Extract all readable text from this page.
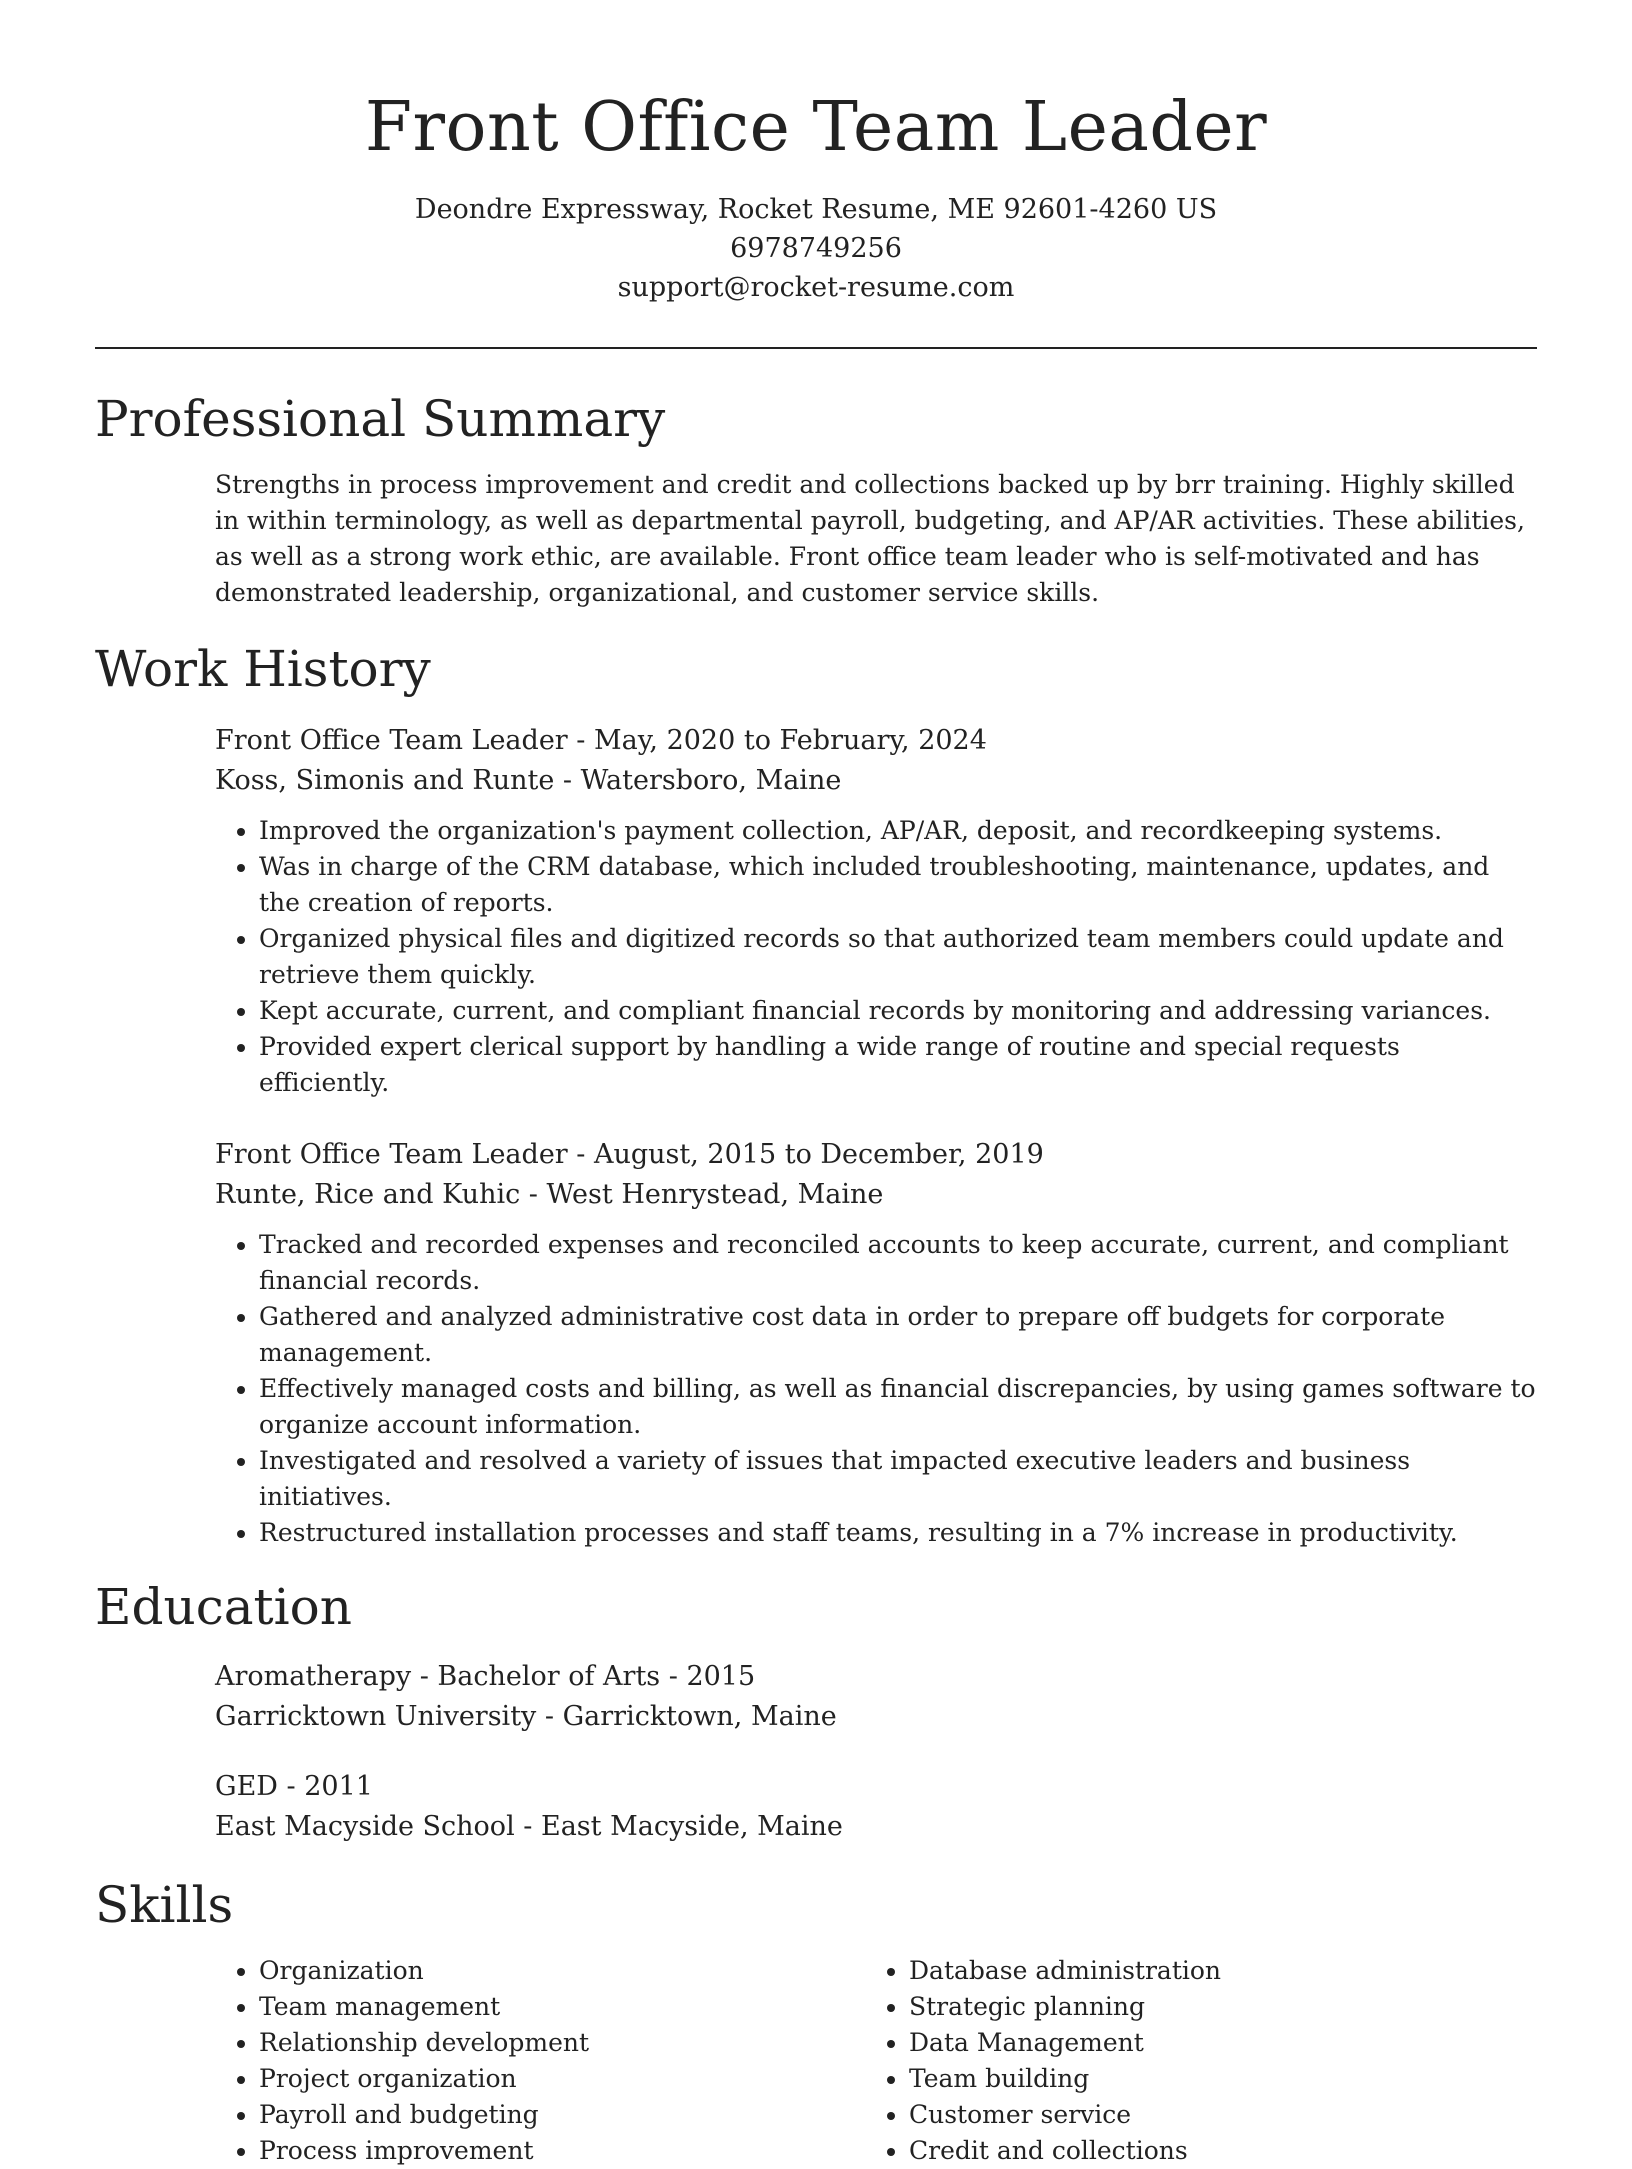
Front Office Team Leader
Deondre Expressway, Rocket Resume, ME 92601-4260 US
6978749256
support@rocket-resume.com
Professional Summary
Strengths in process improvement and credit and collections backed up by brr training. Highly skilled in within terminology, as well as departmental payroll, budgeting, and AP/AR activities. These abilities, as well as a strong work ethic, are available. Front office team leader who is self-motivated and has demonstrated leadership, organizational, and customer service skills.
Work History
Front Office Team Leader - May, 2020 to February, 2024
Koss, Simonis and Runte - Watersboro, Maine
• Improved the organization's payment collection, AP/AR, deposit, and recordkeeping systems.
• Was in charge of the CRM database, which included troubleshooting, maintenance, updates, and the creation of reports.
• Organized physical files and digitized records so that authorized team members could update and retrieve them quickly.
• Kept accurate, current, and compliant financial records by monitoring and addressing variances.
• Provided expert clerical support by handling a wide range of routine and special requests efficiently.
Front Office Team Leader - August, 2015 to December, 2019
Runte, Rice and Kuhic - West Henrystead, Maine
• Tracked and recorded expenses and reconciled accounts to keep accurate, current, and compliant financial records.
• Gathered and analyzed administrative cost data in order to prepare off budgets for corporate management.
• Effectively managed costs and billing, as well as financial discrepancies, by using games software to organize account information.
• Investigated and resolved a variety of issues that impacted executive leaders and business initiatives.
• Restructured installation processes and staff teams, resulting in a 7% increase in productivity.
Education
Aromatherapy - Bachelor of Arts - 2015
Garricktown University - Garricktown, Maine
GED - 2011
East Macyside School - East Macyside, Maine
Skills
• Organization
• Team management
• Relationship development
• Project organization
• Payroll and budgeting
• Process improvement
• Database administration
• Strategic planning
• Data Management
• Team building
• Customer service
• Credit and collections
